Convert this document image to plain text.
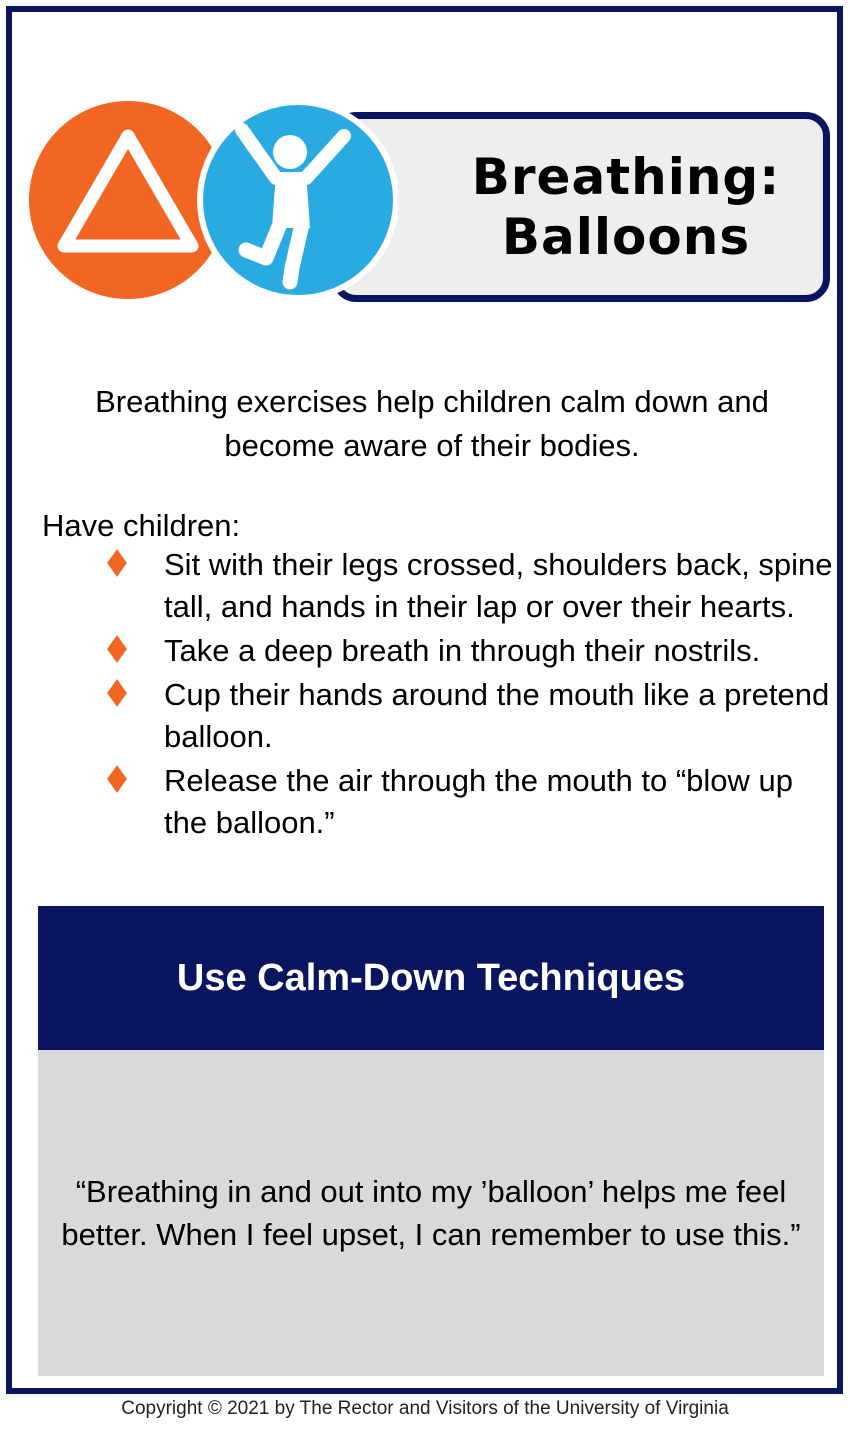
Breathing:
Balloons
Breathing exercises help children calm down and become aware of their bodies.
Have children:
Sit with their legs crossed, shoulders back, spine tall, and hands in their lap or over their hearts.
Take a deep breath in through their nostrils.
Cup their hands around the mouth like a pretend balloon.
Release the air through the mouth to “blow up the balloon.”
Use Calm-Down Techniques
“Breathing in and out into my ’balloon’ helps me feel better. When I feel upset, I can remember to use this.”
Copyright © 2021 by The Rector and Visitors of the University of Virginia
